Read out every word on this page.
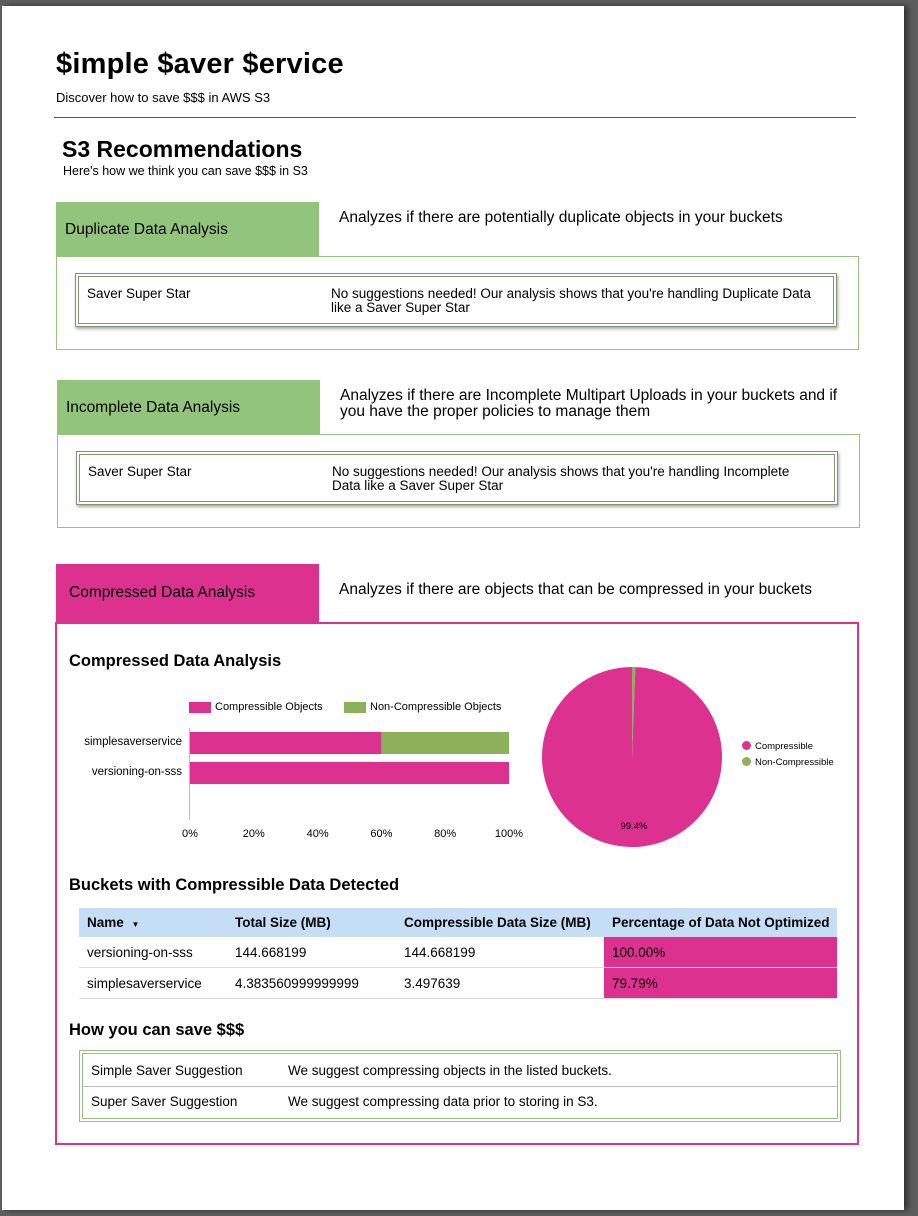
$imple $aver $ervice
Discover how to save $$$ in AWS S3
S3 Recommendations
Here's how we think you can save $$$ in S3
Duplicate Data Analysis
Analyzes if there are potentially duplicate objects in your buckets
Saver Super Star	No suggestions needed! Our analysis shows that you're handling Duplicate Data like a Saver Super Star
Incomplete Data Analysis
Analyzes if there are Incomplete Multipart Uploads in your buckets and if you have the proper policies to manage them
Saver Super Star	No suggestions needed! Our analysis shows that you're handling Incomplete Data like a Saver Super Star
Compressed Data Analysis	Analyzes if there are objects that can be compressed in your buckets
Compressed Data Analysis
Compressible Objects	Non-Compressible Objects
simplesaverservice
versioning-on-sss
0%	20%	40%	60%	80%	100%
99.4%
Compressible
Non-Compressible
Buckets with Compressible Data Detected
Name ▼	Total Size (MB)	Compressible Data Size (MB)	Percentage of Data Not Optimized
versioning-on-sss	144.668199	144.668199	100.00%
simplesaverservice	4.383560999999999	3.497639	79.79%
How you can save $$$
Simple Saver Suggestion	We suggest compressing objects in the listed buckets.
Super Saver Suggestion	We suggest compressing data prior to storing in S3.
